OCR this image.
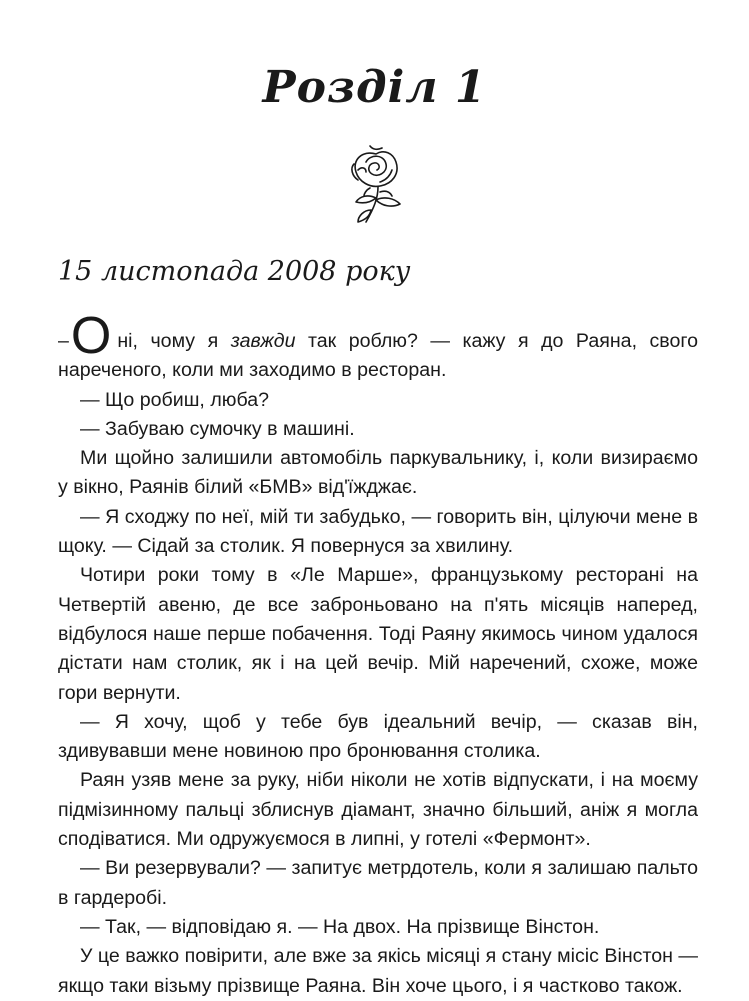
Розділ 1

15 листопада 2008 року

–О ні, чому я завжди так роблю? — кажу я до Раяна, свого нареченого, коли ми заходимо в ресторан.

— Що робиш, люба?

— Забуваю сумочку в машині.

Ми щойно залишили автомобіль паркувальнику, і, коли визираємо у вікно, Раянів білий «БМВ» від'їжджає.

— Я сходжу по неї, мій ти забудько, — говорить він, цілуючи мене в щоку. — Сідай за столик. Я повернуся за хвилину.

Чотири роки тому в «Ле Марше», французькому ресторані на Четвертій авеню, де все заброньовано на п'ять місяців наперед, відбулося наше перше побачення. Тоді Раяну якимось чином удалося дістати нам столик, як і на цей вечір. Мій наречений, схоже, може гори вернути.

— Я хочу, щоб у тебе був ідеальний вечір, — сказав він, здивувавши мене новиною про бронювання столика.

Раян узяв мене за руку, ніби ніколи не хотів відпускати, і на моєму підмізинному пальці зблиснув діамант, значно більший, аніж я могла сподіватися. Ми одружуємося в липні, у готелі «Фермонт».

— Ви резервували? — запитує метрдотель, коли я залишаю пальто в гардеробі.

— Так, — відповідаю я. — На двох. На прізвище Вінстон.

У це важко повірити, але вже за якісь місяці я стану місіс Вінстон — якщо таки візьму прізвище Раяна. Він хоче цього, і я частково також.
